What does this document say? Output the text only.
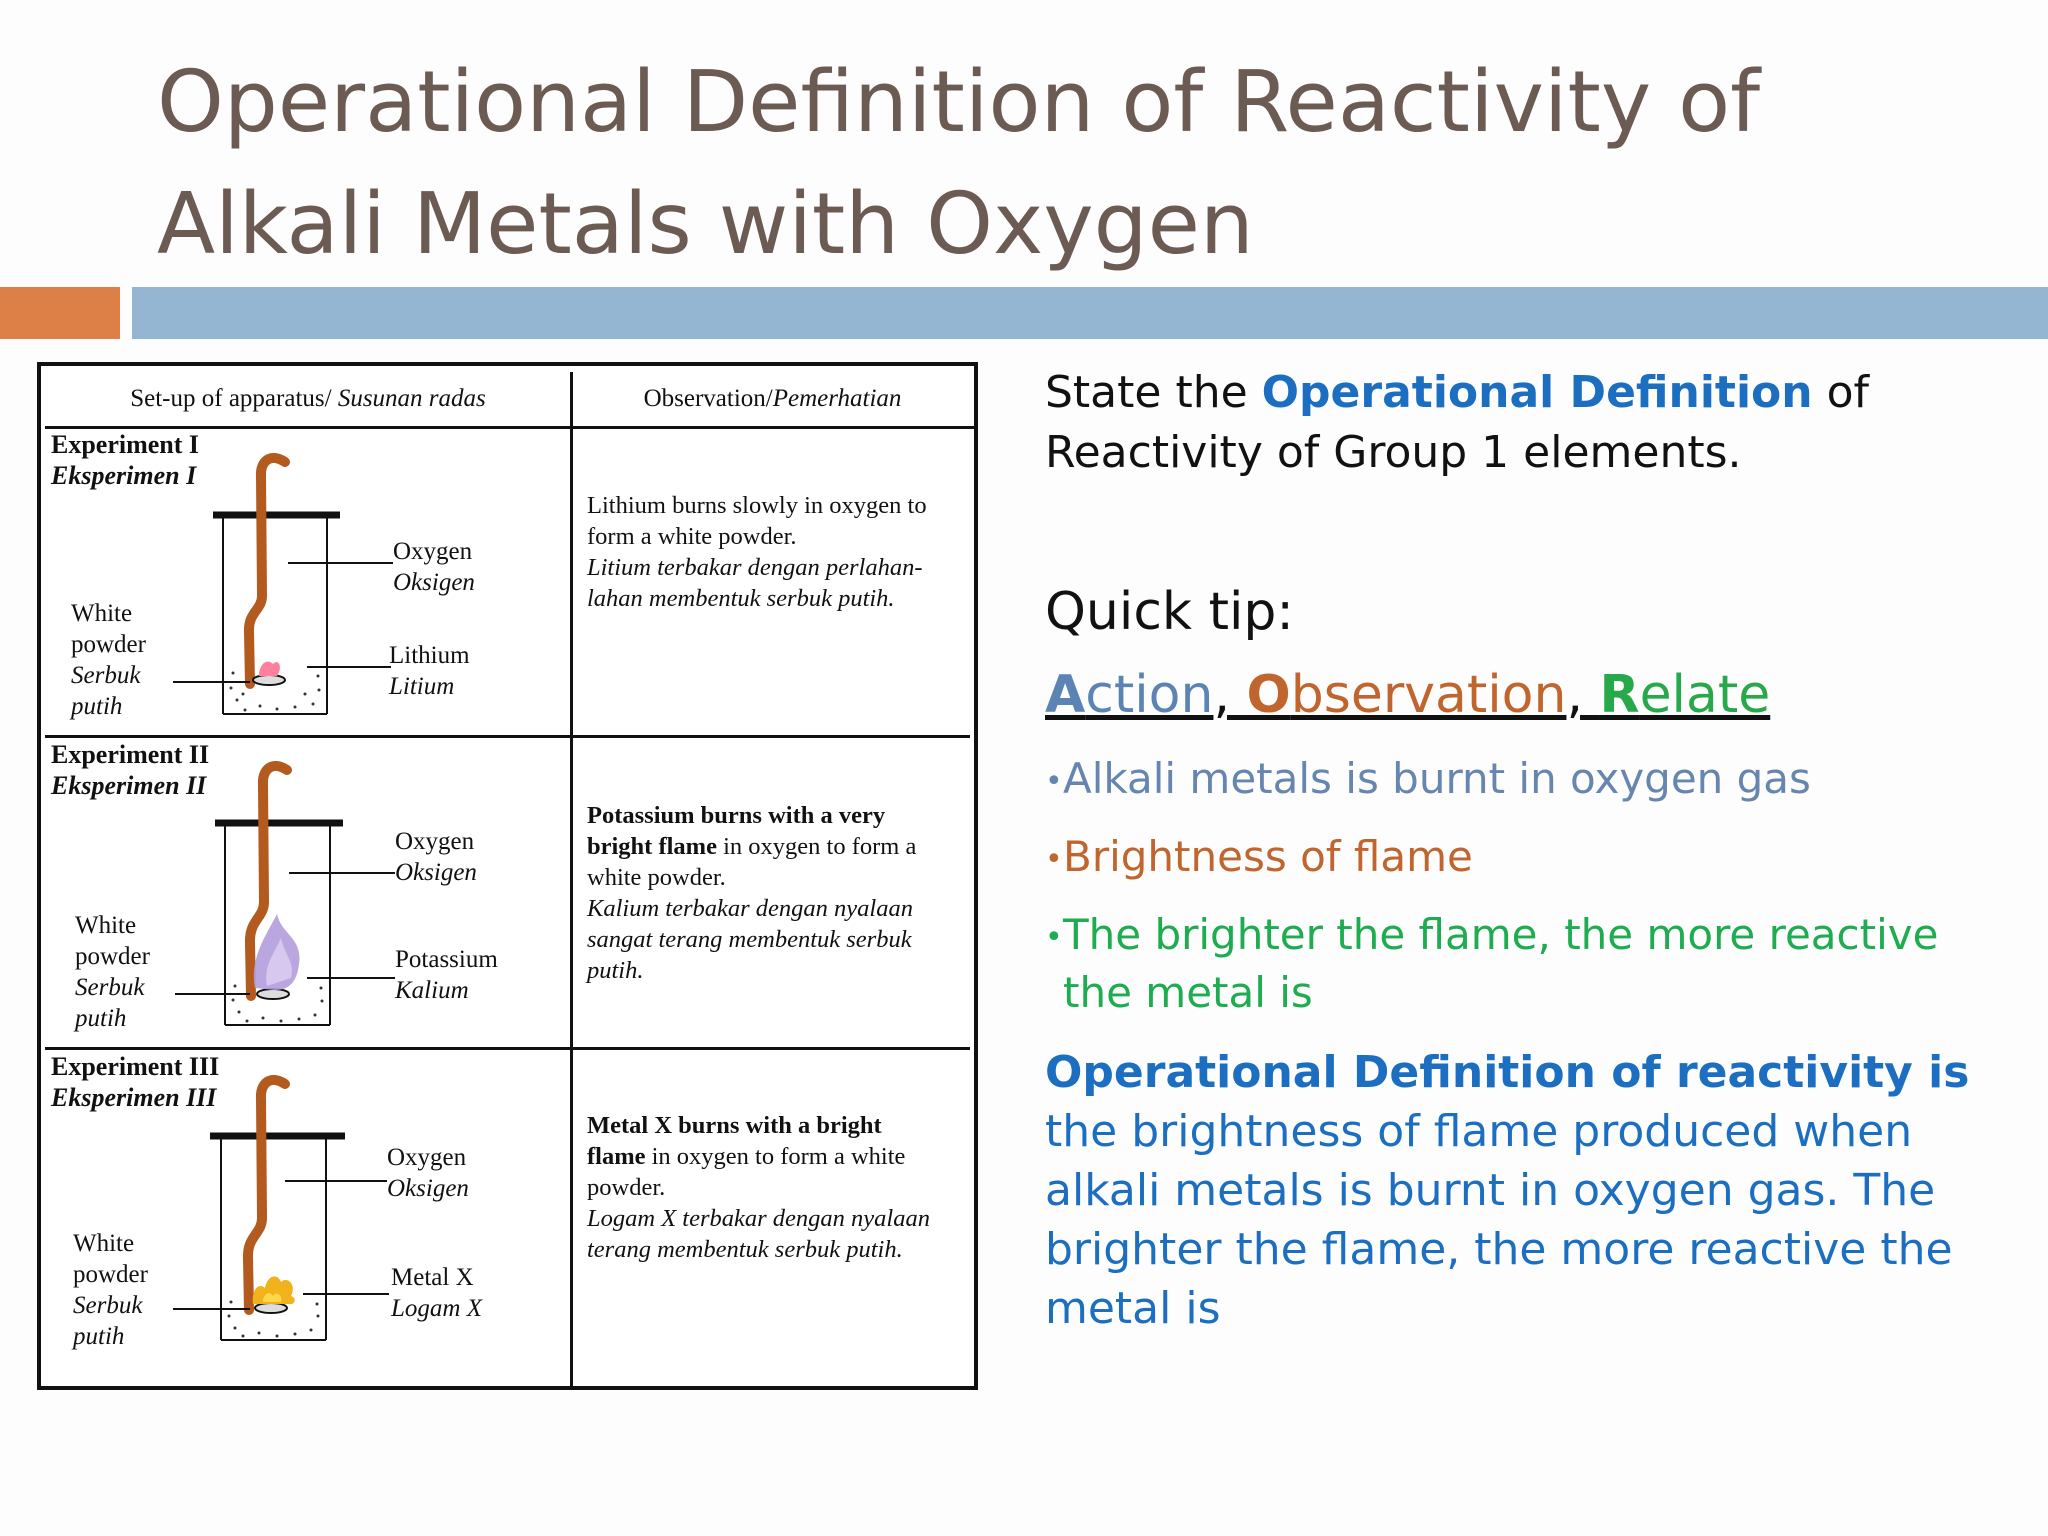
Operational Definition of Reactivity of
Alkali Metals with Oxygen
Set-up of apparatus/
Susunan radas	Observation/ Pemerhatian
Experiment I
Eksperimen I
Oxygen
Oksigen
Lithium
Litium
White
powder
Serbuk
putih
Lithium burns slowly in oxygen to
form a white powder.
Litium terbakar dengan perlahan-
lahan membentuk serbuk putih.
Experiment II
Eksperimen II
Oxygen
Oksigen
Potassium
Kalium
White
powder
Serbuk
putih
Potassium burns with a very
bright flame in oxygen to form a
white powder.
Kalium terbakar dengan nyalaan
sangat terang membentuk serbuk
putih.
Experiment III
Eksperimen III
Oxygen
Oksigen
Metal X
Logam X
White
powder
Serbuk
putih
Metal X burns with a bright
flame in oxygen to form a white
powder.
Logam X terbakar dengan nyalaan
terang membentuk serbuk putih.
State the Operational Definition of Reactivity of Group 1 elements.
Quick tip:
Action, Observation, Relate
•Alkali metals is burnt in oxygen gas
•Brightness of flame
•The brighter the flame, the more reactive
the metal is
Operational Definition of reactivity is
the brightness of flame produced when alkali metals is burnt in oxygen gas. The brighter the flame, the more reactive the metal is
